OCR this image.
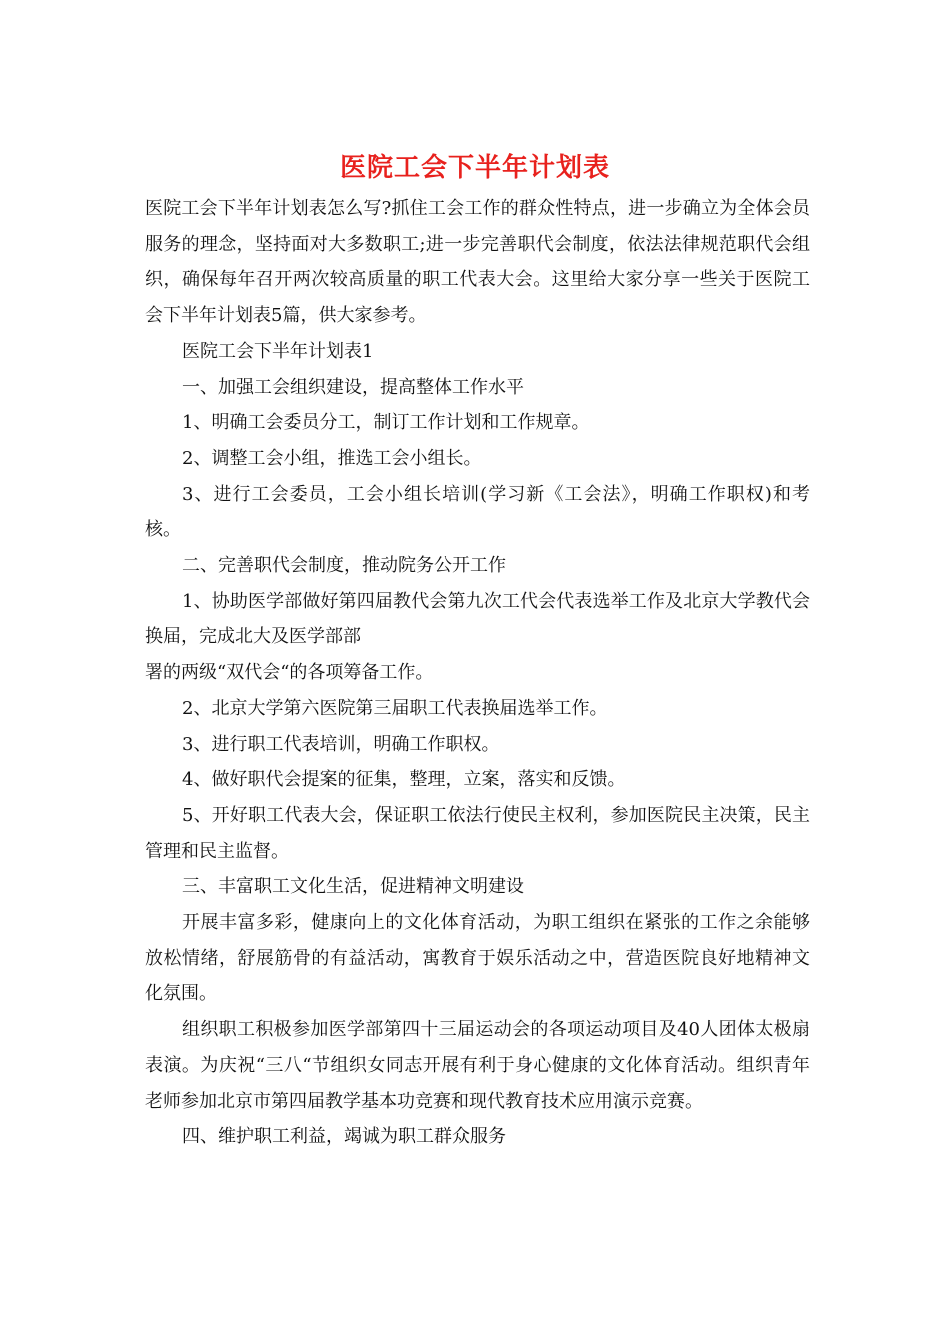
医院工会下半年计划表

医院工会下半年计划表怎么写?抓住工会工作的群众性特点，进一步确立为全体会员服务的理念，坚持面对大多数职工;进一步完善职代会制度，依法法律规范职代会组织，确保每年召开两次较高质量的职工代表大会。这里给大家分享一些关于医院工会下半年计划表5篇，供大家参考。

医院工会下半年计划表1

一、加强工会组织建设，提高整体工作水平

1、明确工会委员分工，制订工作计划和工作规章。

2、调整工会小组，推选工会小组长。

3、进行工会委员，工会小组长培训(学习新《工会法》，明确工作职权)和考核。

二、完善职代会制度，推动院务公开工作

1、协助医学部做好第四届教代会第九次工代会代表选举工作及北京大学教代会换届，完成北大及医学部部

署的两级“双代会“的各项筹备工作。

2、北京大学第六医院第三届职工代表换届选举工作。

3、进行职工代表培训，明确工作职权。

4、做好职代会提案的征集，整理，立案，落实和反馈。

5、开好职工代表大会，保证职工依法行使民主权利，参加医院民主决策，民主管理和民主监督。

三、丰富职工文化生活，促进精神文明建设

开展丰富多彩，健康向上的文化体育活动，为职工组织在紧张的工作之余能够放松情绪，舒展筋骨的有益活动，寓教育于娱乐活动之中，营造医院良好地精神文化氛围。

组织职工积极参加医学部第四十三届运动会的各项运动项目及40人团体太极扇表演。为庆祝“三八“节组织女同志开展有利于身心健康的文化体育活动。组织青年老师参加北京市第四届教学基本功竞赛和现代教育技术应用演示竞赛。

四、维护职工利益，竭诚为职工群众服务
